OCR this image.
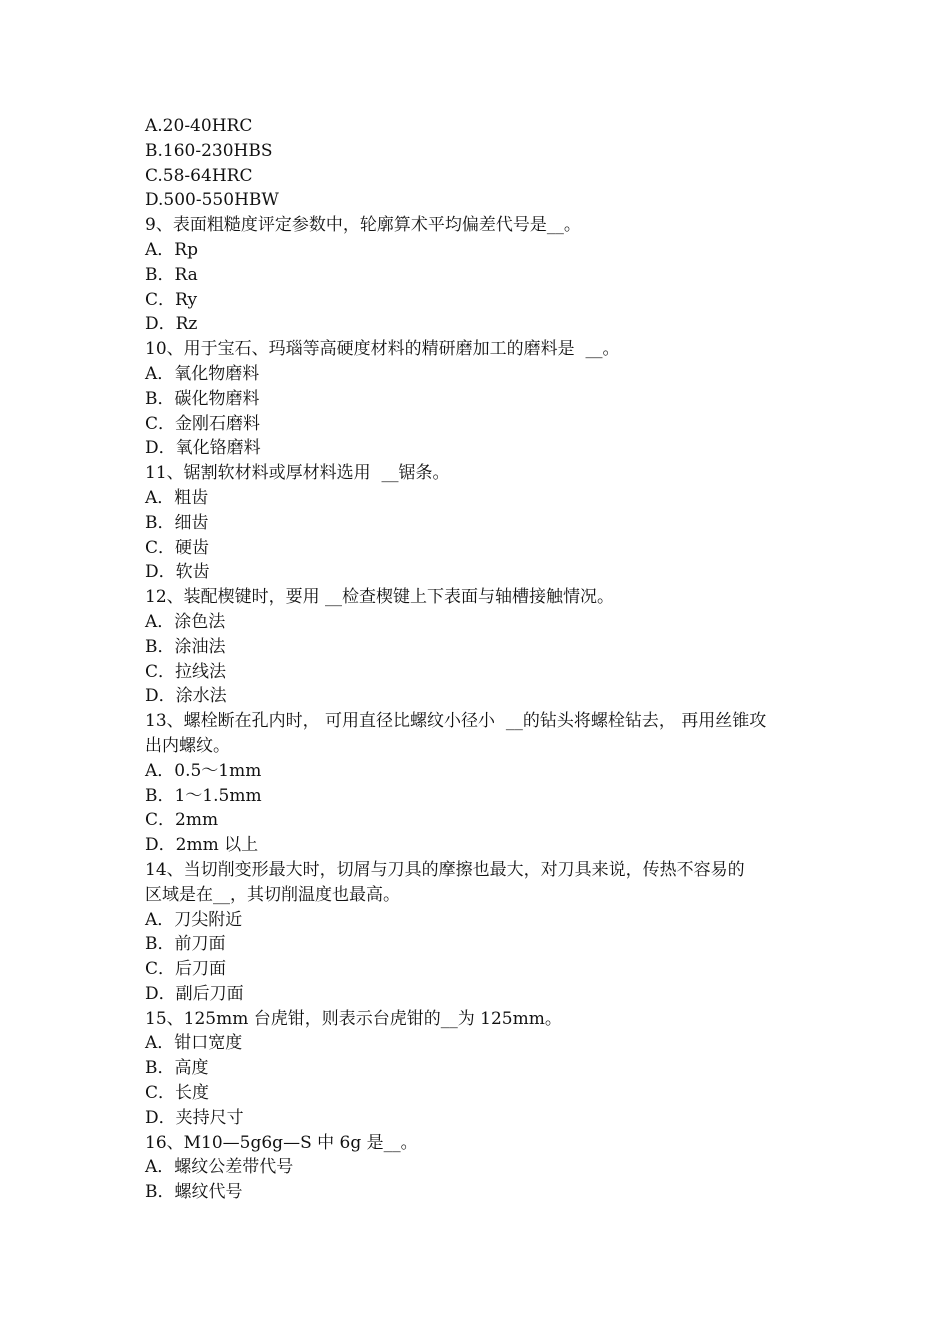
A.20-40HRC

B.160-230HBS

C.58-64HRC

D.500-550HBW

9、表面粗糙度评定参数中，轮廓算术平均偏差代号是__。

A．Rp

B．Ra

C．Ry

D．Rz

10、用于宝石、玛瑙等高硬度材料的精研磨加工的磨料是  __。

A．氧化物磨料

B．碳化物磨料

C．金刚石磨料

D．氧化铬磨料

11、锯割软材料或厚材料选用  __锯条。

A．粗齿

B．细齿

C．硬齿

D．软齿

12、装配楔键时，要用 __检查楔键上下表面与轴槽接触情况。

A．涂色法

B．涂油法

C．拉线法

D．涂水法

13、螺栓断在孔内时， 可用直径比螺纹小径小  __的钻头将螺栓钻去， 再用丝锥攻

出内螺纹。

A．0.5～1mm

B．1～1.5mm

C．2mm

D．2mm 以上

14、当切削变形最大时，切屑与刀具的摩擦也最大，对刀具来说，传热不容易的

区域是在__，其切削温度也最高。

A．刀尖附近

B．前刀面

C．后刀面

D．副后刀面

15、125mm 台虎钳，则表示台虎钳的__为 125mm。

A．钳口宽度

B．高度

C．长度

D．夹持尺寸

16、M10—5g6g—S 中 6g 是__。

A．螺纹公差带代号

B．螺纹代号
